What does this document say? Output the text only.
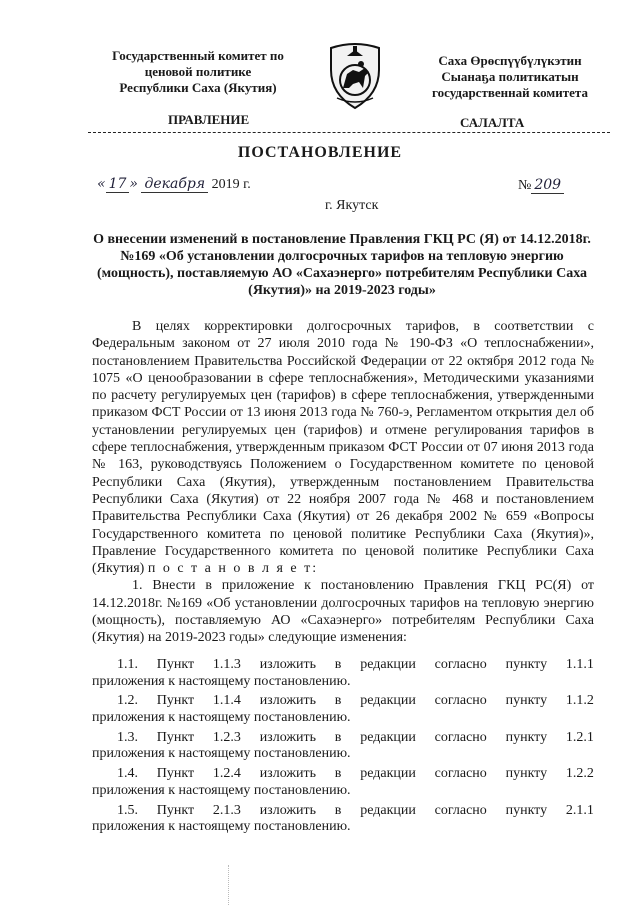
Государственный комитет по
ценовой политике
Республики Саха (Якутия)
Саха Өрөспүүбүлүкэтин
Сыанаҕа политикатын
государственнай комитета
ПРАВЛЕНИЕ	САЛАЛТА
ПОСТАНОВЛЕНИЕ
« 17 » декабря 2019 г.	№ 209
г. Якутск
О внесении изменений в постановление Правления ГКЦ РС (Я) от 14.12.2018г. №169 «Об установлении долгосрочных тарифов на тепловую энергию (мощность), поставляемую АО «Сахаэнерго» потребителям Республики Саха (Якутия)» на 2019-2023 годы»

В целях корректировки долгосрочных тарифов, в соответствии с Федеральным законом от 27 июля 2010 года № 190-ФЗ «О теплоснабжении», постановлением Правительства Российской Федерации от 22 октября 2012 года № 1075 «О ценообразовании в сфере теплоснабжения», Методическими указаниями по расчету регулируемых цен (тарифов) в сфере теплоснабжения, утвержденными приказом ФСТ России от 13 июня 2013 года № 760-э, Регламентом открытия дел об установлении регулируемых цен (тарифов) и отмене регулирования тарифов в сфере теплоснабжения, утвержденным приказом ФСТ России от 07 июня 2013 года № 163, руководствуясь Положением о Государственном комитете по ценовой Республики Саха (Якутия), утвержденным постановлением Правительства Республики Саха (Якутия) от 22 ноября 2007 года № 468 и постановлением Правительства Республики Саха (Якутия) от 26 декабря 2002 № 659 «Вопросы Государственного комитета по ценовой политике Республики Саха (Якутия)», Правление Государственного комитета по ценовой политике Республики Саха (Якутия) п о с т а н о в л я е т:

1. Внести в приложение к постановлению Правления ГКЦ РС(Я) от 14.12.2018г. №169 «Об установлении долгосрочных тарифов на тепловую энергию (мощность), поставляемую АО «Сахаэнерго» потребителям Республики Саха (Якутия) на 2019-2023 годы» следующие изменения:

1.1. Пункт 1.1.3 изложить в редакции согласно пункту 1.1.1
приложения к настоящему постановлению.
1.2. Пункт 1.1.4 изложить в редакции согласно пункту 1.1.2
приложения к настоящему постановлению.
1.3. Пункт 1.2.3 изложить в редакции согласно пункту 1.2.1
приложения к настоящему постановлению.
1.4. Пункт 1.2.4 изложить в редакции согласно пункту 1.2.2
приложения к настоящему постановлению.
1.5. Пункт 2.1.3 изложить в редакции согласно пункту 2.1.1
приложения к настоящему постановлению.
